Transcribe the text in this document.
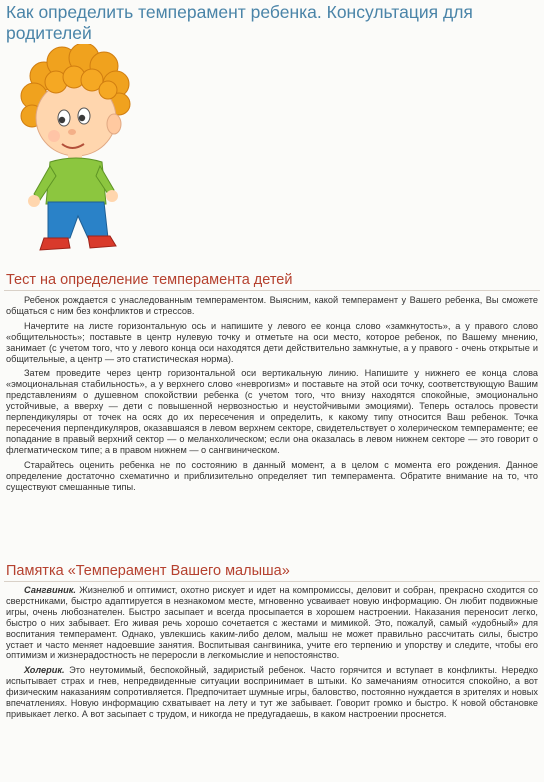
Как определить темперамент ребенка. Консультация для родителей
Тест на определение темперамента детей

Ребенок рождается с унаследованным темпераментом. Выясним, какой темперамент у Вашего ребенка, Вы сможете общаться с ним без конфликтов и стрессов.

Начертите на листе горизонтальную ось и напишите у левого ее конца слово «замкнутость», а у правого слово «общительность»; поставьте в центр нулевую точку и отметьте на оси место, которое ребенок, по Вашему мнению, занимает (с учетом того, что у левого конца оси находятся дети действительно замкнутые, а у правого - очень открытые и общительные, а центр — это статистическая норма).

Затем проведите через центр горизонтальной оси вертикальную линию. Напишите у нижнего ее конца слова «эмоциональная стабильность», а у верхнего слово «неврогизм» и поставьте на этой оси точку, соответствующую Вашим представлениям о душевном спокойствии ребенка (с учетом того, что внизу находятся спокойные, эмоционально устойчивые, а вверху — дети с повышенной нервозностью и неустойчивыми эмоциями). Теперь осталось провести перпендикуляры от точек на осях до их пересечения и определить, к какому типу относится Ваш ребенок. Точка пересечения перпендикуляров, оказавшаяся в левом верхнем секторе, свидетельствует о холерическом темпераменте; ее попадание в правый верхний сектор — о меланхолическом; если она оказалась в левом нижнем секторе — это говорит о флегматическом типе; а в правом нижнем — о сангвиническом.

Старайтесь оценить ребенка не по состоянию в данный момент, а в целом с момента его рождения. Данное определение достаточно схематично и приблизительно определяет тип темперамента. Обратите внимание на то, что существуют смешанные типы.

Памятка «Темперамент Вашего малыша»

Сангвиник. Жизнелюб и оптимист, охотно рискует и идет на компромиссы, деловит и собран, прекрасно сходится со сверстниками, быстро адаптируется в незнакомом месте, мгновенно усваивает новую информацию. Он любит подвижные игры, очень любознателен. Быстро засыпает и всегда просыпается в хорошем настроении. Наказания переносит легко, быстро о них забывает. Его живая речь хорошо сочетается с жестами и мимикой. Это, пожалуй, самый «удобный» для воспитания темперамент. Однако, увлекшись каким-либо делом, малыш не может правильно рассчитать силы, быстро устает и часто меняет надоевшие занятия. Воспитывая сангвиника, учите его терпению и упорству и следите, чтобы его оптимизм и жизнерадостность не переросли в легкомыслие и непостоянство.

Холерик. Это неутомимый, беспокойный, задиристый ребенок. Часто горячится и вступает в конфликты. Нередко испытывает страх и гнев, непредвиденные ситуации воспринимает в штыки. Ко замечаниям относится спокойно, а вот физическим наказаниям сопротивляется. Предпочитает шумные игры, баловство, постоянно нуждается в зрителях и новых впечатлениях. Новую информацию схватывает на лету и тут же забывает. Говорит громко и быстро. К новой обстановке привыкает легко. А вот засыпает с трудом, и никогда не предугадаешь, в каком настроении проснется.
